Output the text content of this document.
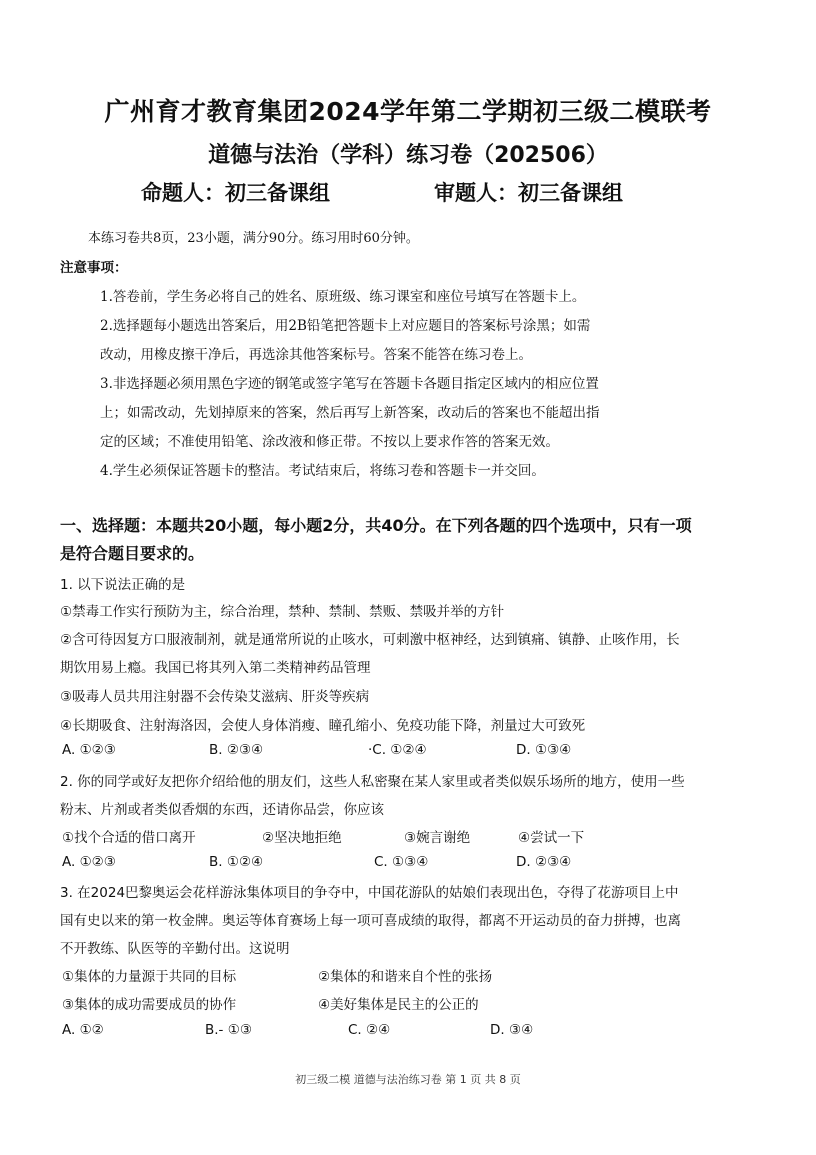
广州育才教育集团2024学年第二学期初三级二模联考
道德与法治（学科）练习卷（202506）
命题人：初三备课组	审题人：初三备课组
本练习卷共8页，23小题，满分90分。练习用时60分钟。
注意事项：

1.答卷前，学生务必将自己的姓名、原班级、练习课室和座位号填写在答题卡上。

2.选择题每小题选出答案后，用2B铅笔把答题卡上对应题目的答案标号涂黑；如需

改动，用橡皮擦干净后，再选涂其他答案标号。答案不能答在练习卷上。

3.非选择题必须用黑色字迹的钢笔或签字笔写在答题卡各题目指定区域内的相应位置

上；如需改动，先划掉原来的答案，然后再写上新答案，改动后的答案也不能超出指

定的区域；不准使用铅笔、涂改液和修正带。不按以上要求作答的答案无效。

4.学生必须保证答题卡的整洁。考试结束后，将练习卷和答题卡一并交回。

一、选择题：本题共20小题，每小题2分，共40分。在下列各题的四个选项中，只有一项
是符合题目要求的。
1. 以下说法正确的是
①禁毒工作实行预防为主，综合治理，禁种、禁制、禁贩、禁吸并举的方针
②含可待因复方口服液制剂，就是通常所说的止咳水，可刺激中枢神经，达到镇痛、镇静、止咳作用，长
期饮用易上瘾。我国已将其列入第二类精神药品管理
③吸毒人员共用注射器不会传染艾滋病、肝炎等疾病
④长期吸食、注射海洛因，会使人身体消瘦、瞳孔缩小、免疫功能下降，剂量过大可致死
A. ①②③	B. ②③④	·C. ①②④	D. ①③④
2. 你的同学或好友把你介绍给他的朋友们，这些人私密聚在某人家里或者类似娱乐场所的地方，使用一些
粉末、片剂或者类似香烟的东西，还请你品尝，你应该
①找个合适的借口离开	②坚决地拒绝	③婉言谢绝	④尝试一下
A. ①②③	B. ①②④	C. ①③④	D. ②③④
3. 在2024巴黎奥运会花样游泳集体项目的争夺中，中国花游队的姑娘们表现出色，夺得了花游项目上中
国有史以来的第一枚金牌。奥运等体育赛场上每一项可喜成绩的取得，都离不开运动员的奋力拼搏，也离
不开教练、队医等的辛勤付出。这说明
①集体的力量源于共同的目标	②集体的和谐来自个性的张扬
③集体的成功需要成员的协作	④美好集体是民主的公正的
A. ①②	B.- ①③	C. ②④	D. ③④
初三级二模 道德与法治练习卷 第 1 页 共 8 页
